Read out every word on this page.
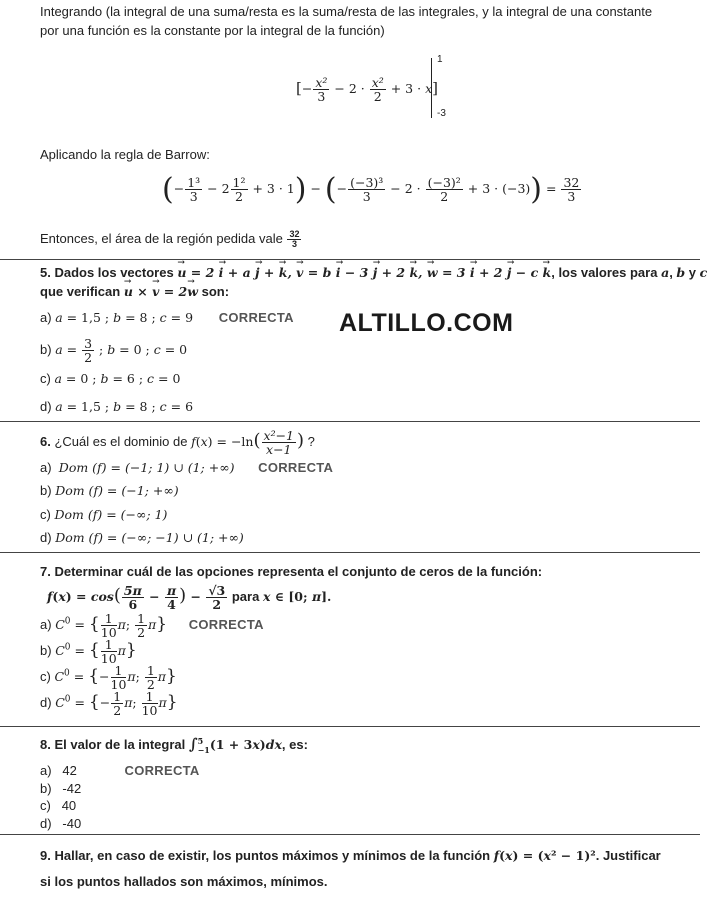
Integrando (la integral de una suma/resta es la suma/resta de las integrales, y la integral de una constante
por una función es la constante por la integral de la función)
[− $\frac{\text{x²}}{3} - 2 \cdot \frac{\text{x²}}{2} + 3 \cdot x$]
1
-3
Aplicando la regla de Barrow:
(− $\frac{\text{1³}}{3} - 2 \frac{\text{1²}}{2} + 3 \cdot 1$) − (− $\frac{\text{(−3)³}}{3} - 2 \cdot \frac{\text{(−3)²}}{2} + 3 \cdot (-3)) = \frac{32}{3}$
Entonces, el área de la región pedida vale $\frac{32}{3}$
5. Dados los vectores → u = 2 → i + a → j + → k, → v = b → i − 3 → j + 2 → k, → w = 3 → i + 2 → j − c → k, los valores para a, b y c
que verifican → u × → v = 2→ w son:
a) a = 1,5 ; b = 8 ; c = 9 CORRECTA ALTILLO.COM
b) $a = \frac{3}{2}$ ; b = 0 ; c = 0
c) a = 0 ; b = 6 ; c = 0
d) a = 1,5 ; b = 8 ; c = 6
6. ¿Cuál es el dominio de $f(x) = -\ln( \frac{\text{x²−1}}{x-1}$ ) ?
a) Dom (f) = (−1; 1) ∪ (1; +∞) CORRECTA
b) Dom (f) = (−1; +∞)
c) Dom (f) = (−∞; 1)
d) Dom (f) = (−∞; −1) ∪ (1; +∞)
7. Determinar cuál de las opciones representa el conjunto de ceros de la función:
$f(x) = \cos( \frac{5\pi}{6} - \frac{\pi}{4}$ ) − $\frac{√3}{2}$ para x ∈ [0; π].
a) $C^0$ = { $\frac{1}{10} \pi$; $\frac{1}{2} \pi$} CORRECTA
b) $C^0$ = { $\frac{1}{10} \pi$}
c) $C^0$ = {− $\frac{1}{10} \pi$; $\frac{1}{2} \pi$}
d) $C^0$ = {− $\frac{1}{2} \pi$; $\frac{1}{10} \pi$}
8. El valor de la integral ∫ 5
−1 (1 + 3x)dx, es:
a) 42	CORRECTA
b) -42
c) 40
d) -40
9. Hallar, en caso de existir, los puntos máximos y mínimos de la función f(x) = (x² − 1)². Justificar
si los puntos hallados son máximos, mínimos.
